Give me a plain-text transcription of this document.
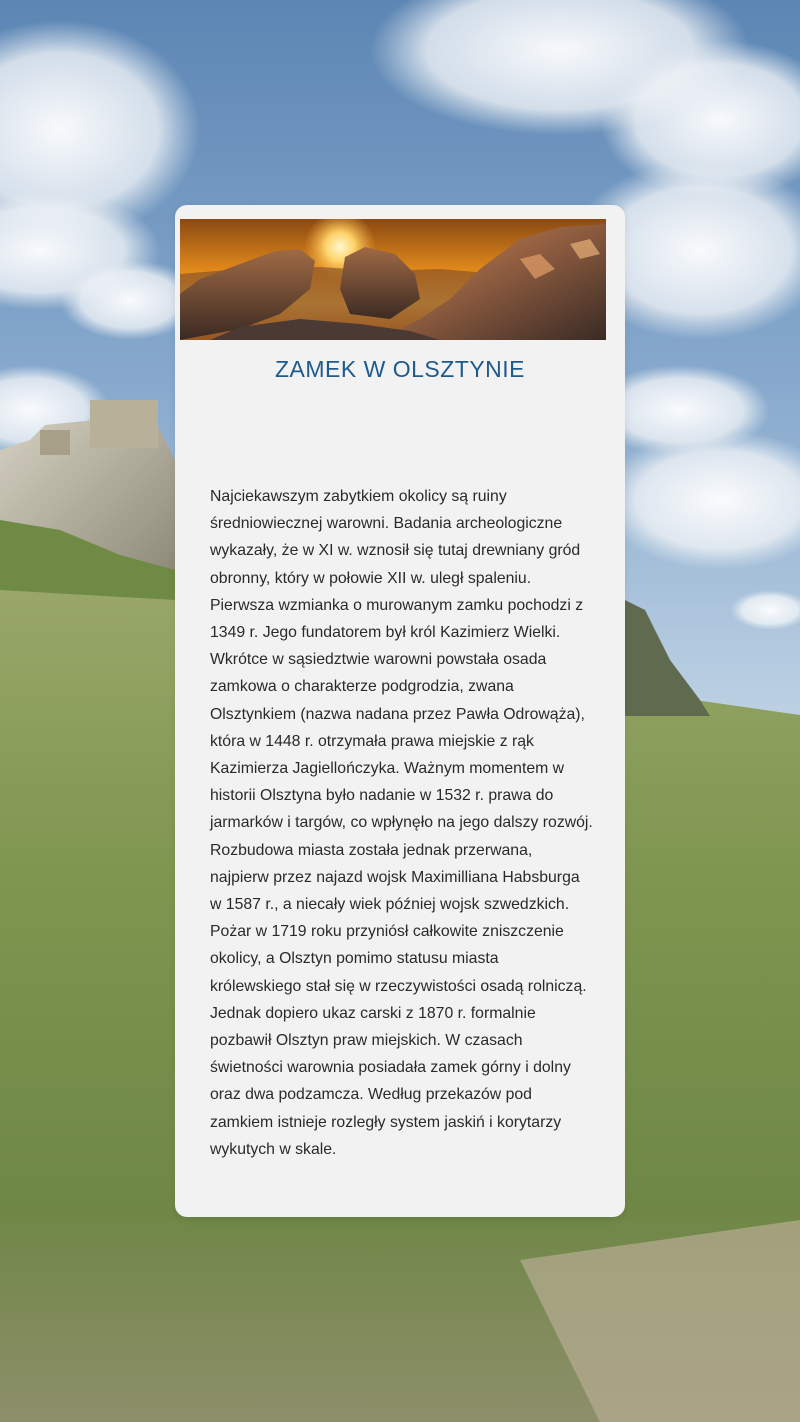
ZAMEK W OLSZTYNIE

Najciekawszym zabytkiem okolicy są ruiny średniowiecznej warowni. Badania archeologiczne wykazały, że w XI w. wznosił się tutaj drewniany gród obronny, który w połowie XII w. uległ spaleniu. Pierwsza wzmianka o murowanym zamku pochodzi z 1349 r. Jego fundatorem był król Kazimierz Wielki. Wkrótce w sąsiedztwie warowni powstała osada zamkowa o charakterze podgrodzia, zwana Olsztynkiem (nazwa nadana przez Pawła Odrowąża), która w 1448 r. otrzymała prawa miejskie z rąk Kazimierza Jagiellończyka. Ważnym momentem w historii Olsztyna było nadanie w 1532 r. prawa do jarmarków i targów, co wpłynęło na jego dalszy rozwój. Rozbudowa miasta została jednak przerwana, najpierw przez najazd wojsk Maximilliana Habsburga w 1587 r., a niecały wiek później wojsk szwedzkich. Pożar w 1719 roku przyniósł całkowite zniszczenie okolicy, a Olsztyn pomimo statusu miasta królewskiego stał się w rzeczywistości osadą rolniczą. Jednak dopiero ukaz carski z 1870 r. formalnie pozbawił Olsztyn praw miejskich. W czasach świetności warownia posiadała zamek górny i dolny oraz dwa podzamcza. Według przekazów pod zamkiem istnieje rozległy system jaskiń i korytarzy wykutych w skale.
